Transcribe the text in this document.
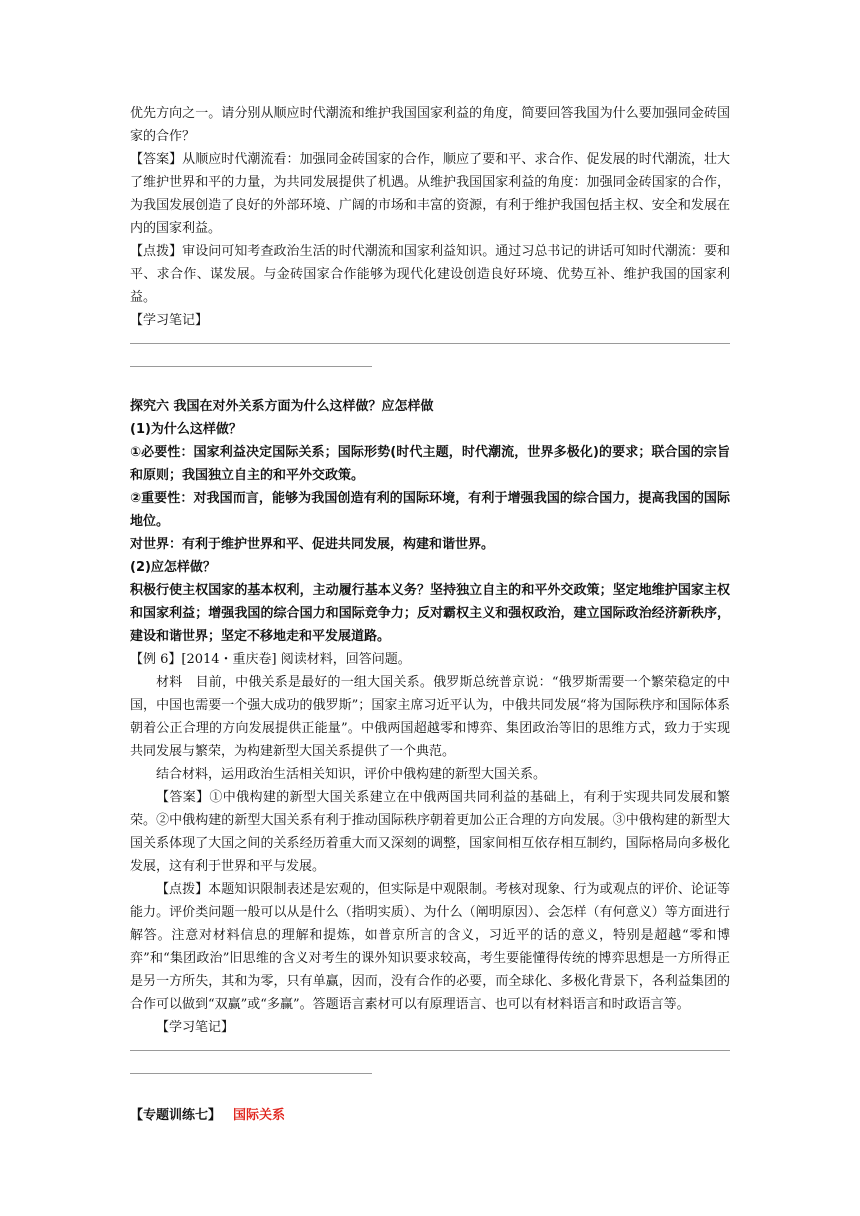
优先方向之一。请分别从顺应时代潮流和维护我国国家利益的角度，简要回答我国为什么要加强同金砖国家的合作？

【答案】从顺应时代潮流看：加强同金砖国家的合作，顺应了要和平、求合作、促发展的时代潮流，壮大了维护世界和平的力量，为共同发展提供了机遇。从维护我国国家利益的角度：加强同金砖国家的合作，为我国发展创造了良好的外部环境、广阔的市场和丰富的资源，有利于维护我国包括主权、安全和发展在内的国家利益。

【点拨】审设问可知考查政治生活的时代潮流和国家利益知识。通过习总书记的讲话可知时代潮流：要和平、求合作、谋发展。与金砖国家合作能够为现代化建设创造良好环境、优势互补、维护我国的国家利益。

【学习笔记】

探究六 我国在对外关系方面为什么这样做？应怎样做

(1)为什么这样做？

①必要性：国家利益决定国际关系；国际形势(时代主题，时代潮流，世界多极化)的要求；联合国的宗旨和原则；我国独立自主的和平外交政策。

②重要性：对我国而言，能够为我国创造有利的国际环境，有利于增强我国的综合国力，提高我国的国际地位。

对世界：有利于维护世界和平、促进共同发展，构建和谐世界。

(2)应怎样做？

积极行使主权国家的基本权利，主动履行基本义务？坚持独立自主的和平外交政策；坚定地维护国家主权和国家利益；增强我国的综合国力和国际竞争力；反对霸权主义和强权政治，建立国际政治经济新秩序，建设和谐世界；坚定不移地走和平发展道路。

【例 6】[2014・重庆卷] 阅读材料，回答问题。

材料　目前，中俄关系是最好的一组大国关系。俄罗斯总统普京说：“俄罗斯需要一个繁荣稳定的中国，中国也需要一个强大成功的俄罗斯”；国家主席习近平认为，中俄共同发展“将为国际秩序和国际体系朝着公正合理的方向发展提供正能量”。中俄两国超越零和博弈、集团政治等旧的思维方式，致力于实现共同发展与繁荣，为构建新型大国关系提供了一个典范。

结合材料，运用政治生活相关知识，评价中俄构建的新型大国关系。

【答案】①中俄构建的新型大国关系建立在中俄两国共同利益的基础上，有利于实现共同发展和繁荣。②中俄构建的新型大国关系有利于推动国际秩序朝着更加公正合理的方向发展。③中俄构建的新型大国关系体现了大国之间的关系经历着重大而又深刻的调整，国家间相互依存相互制约，国际格局向多极化发展，这有利于世界和平与发展。

【点拨】本题知识限制表述是宏观的，但实际是中观限制。考核对现象、行为或观点的评价、论证等能力。评价类问题一般可以从是什么（指明实质）、为什么（阐明原因）、会怎样（有何意义）等方面进行解答。注意对材料信息的理解和提炼，如普京所言的含义，习近平的话的意义，特别是超越“零和博弈”和“集团政治”旧思维的含义对考生的课外知识要求较高，考生要能懂得传统的博弈思想是一方所得正是另一方所失，其和为零，只有单赢，因而，没有合作的必要，而全球化、多极化背景下，各利益集团的合作可以做到“双赢”或“多赢”。答题语言素材可以有原理语言、也可以有材料语言和时政语言等。

【学习笔记】

【专题训练七】 国际关系
